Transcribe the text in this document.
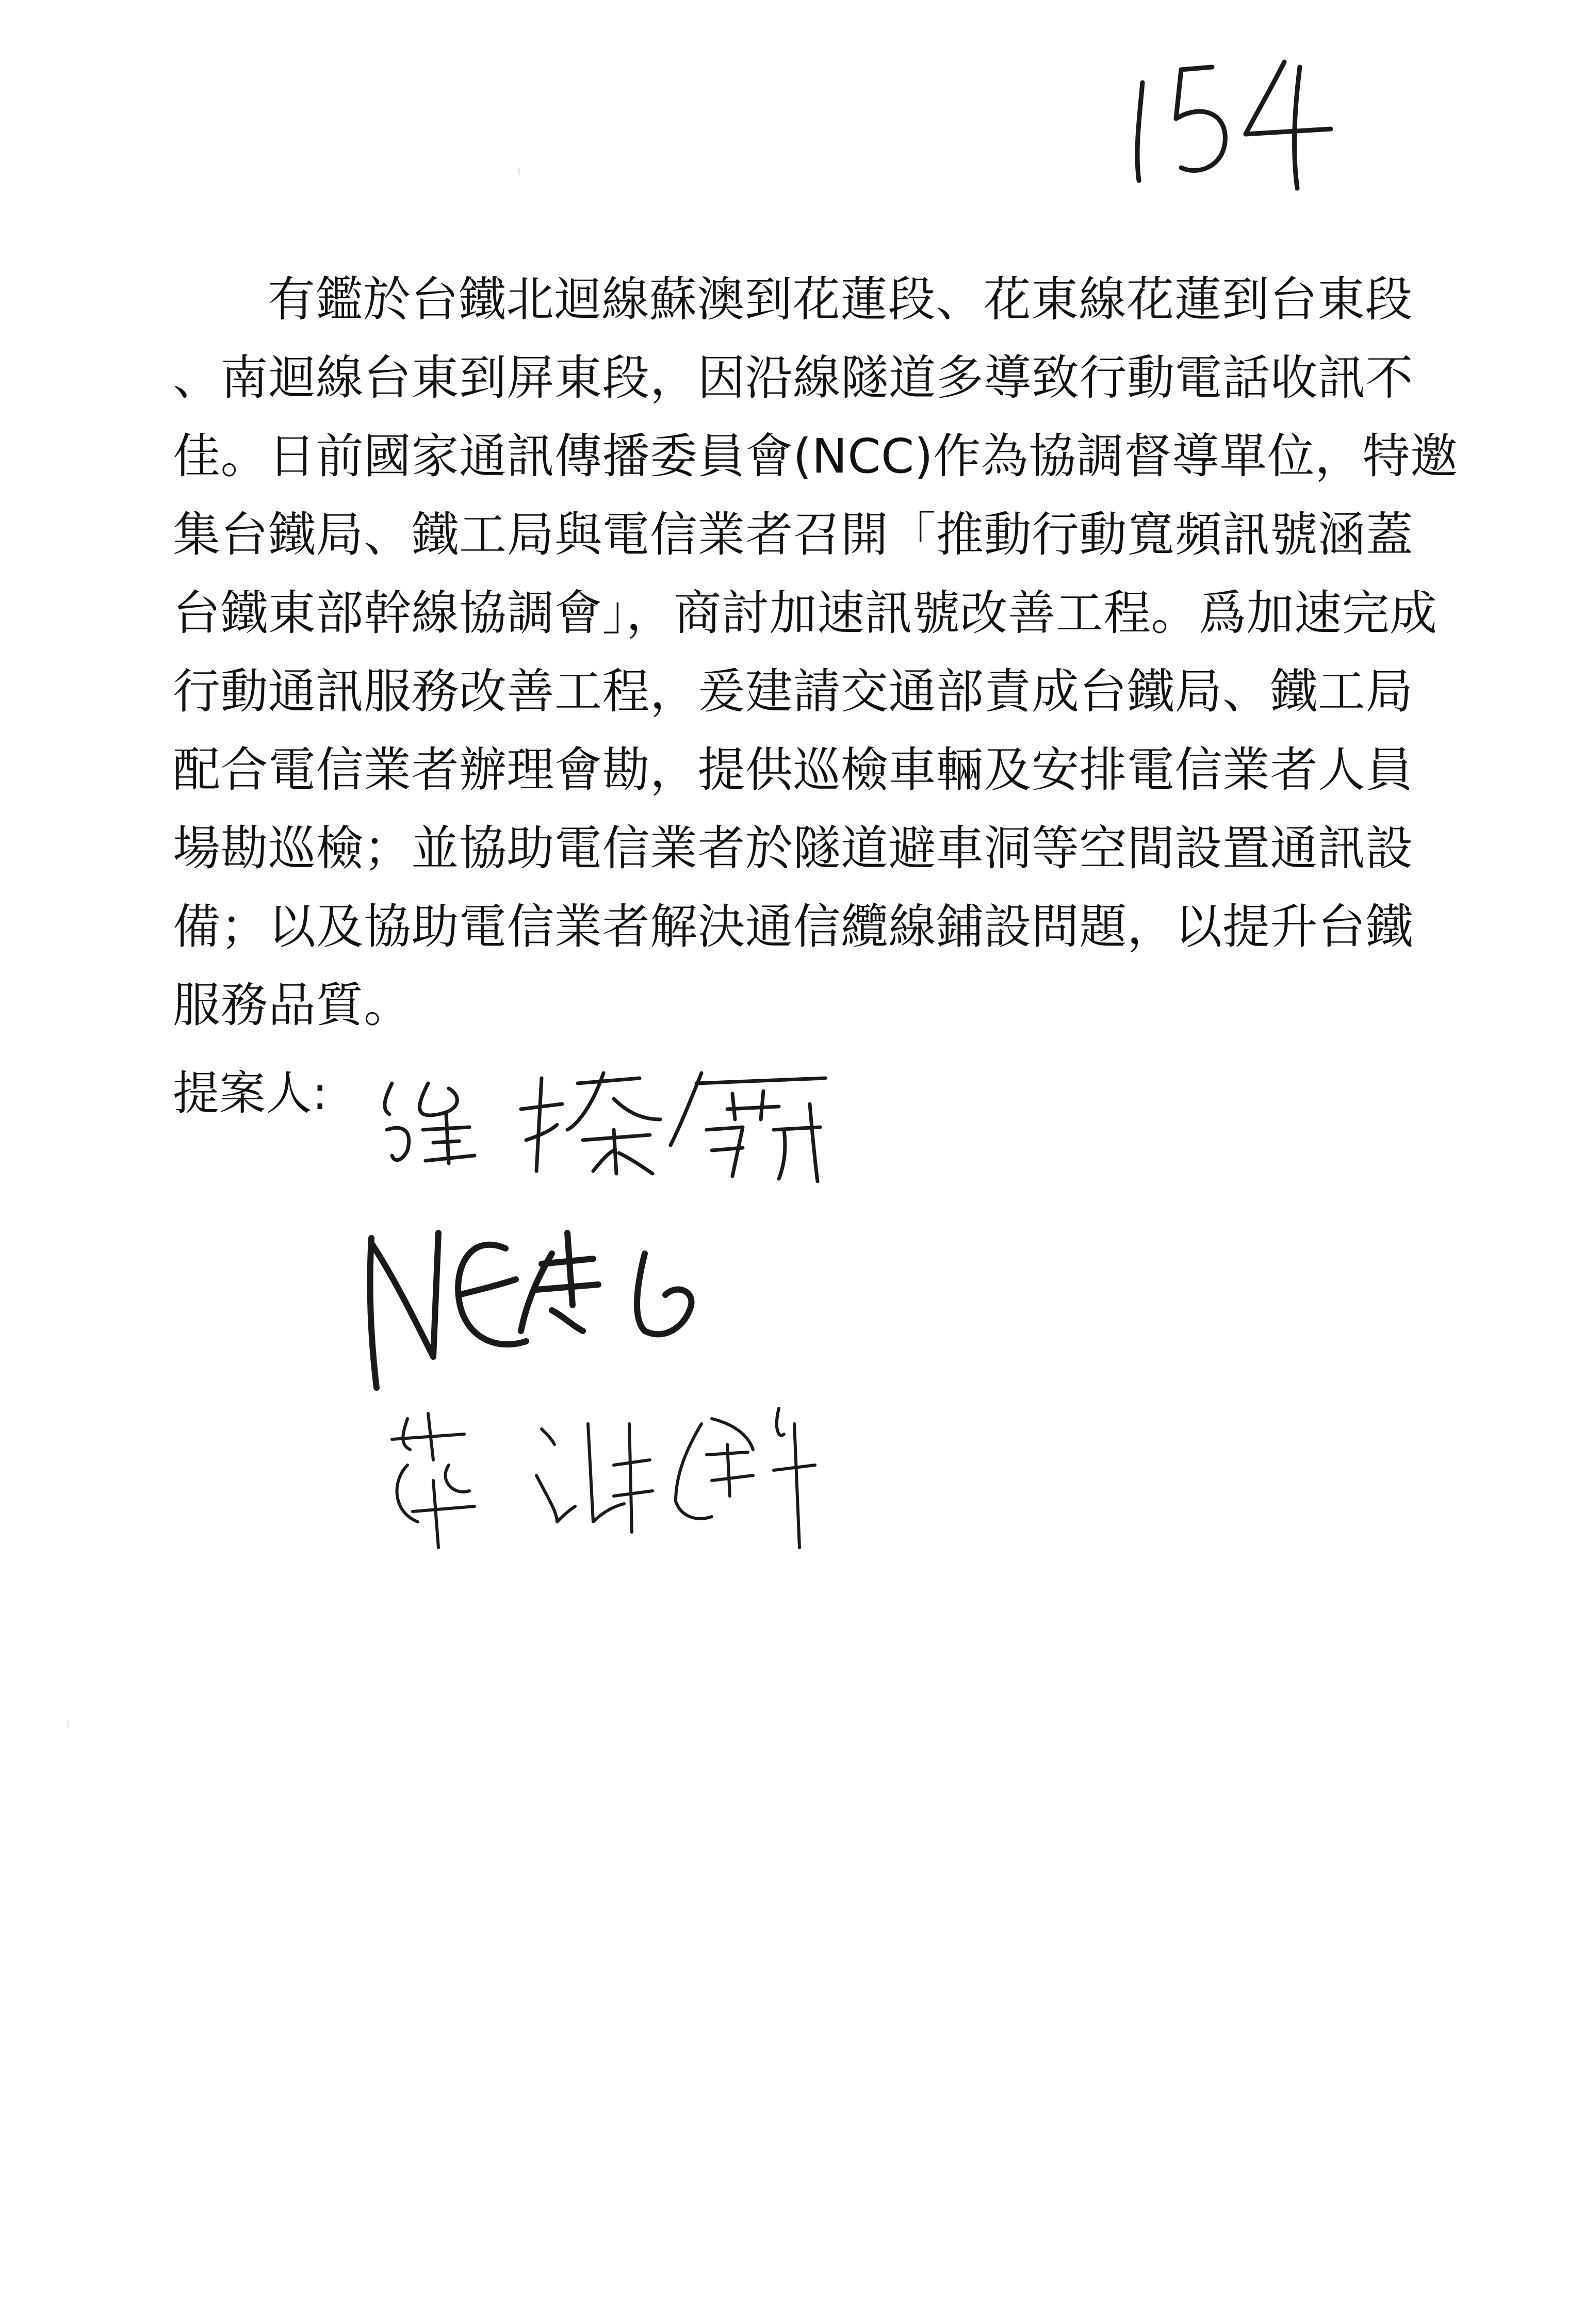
有鑑於台鐵北迴線蘇澳到花蓮段、花東線花蓮到台東段
、南迴線台東到屏東段，因沿線隧道多導致行動電話收訊不
佳。日前國家通訊傳播委員會(NCC)作為協調督導單位，特邀
集台鐵局、鐵工局與電信業者召開「推動行動寬頻訊號涵蓋
台鐵東部幹線協調會」，商討加速訊號改善工程。爲加速完成
行動通訊服務改善工程，爰建請交通部責成台鐵局、鐵工局
配合電信業者辦理會勘，提供巡檢車輛及安排電信業者人員
場勘巡檢；並協助電信業者於隧道避車洞等空間設置通訊設
備；以及協助電信業者解決通信纜線鋪設問題，以提升台鐵
服務品質。
提案人:
